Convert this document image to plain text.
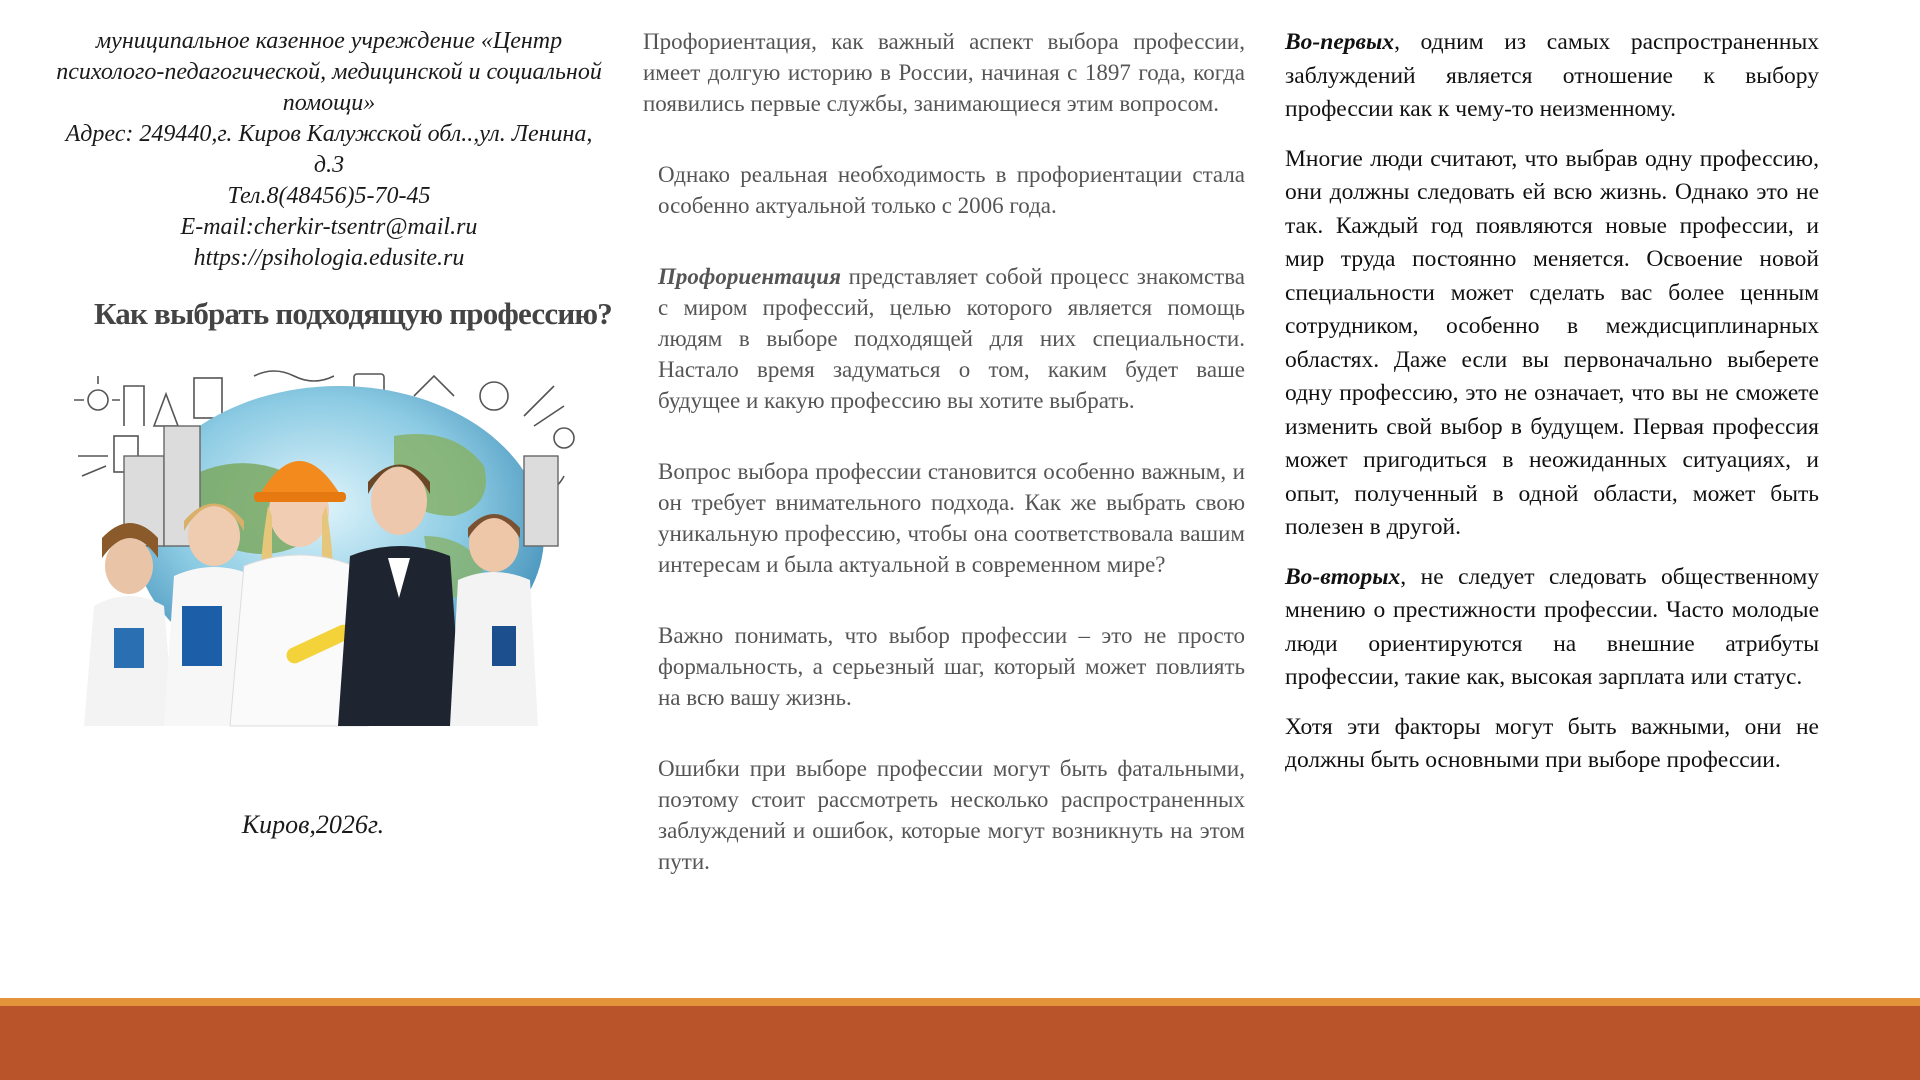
муниципальное казенное учреждение «Центр
психолого-педагогической, медицинской и социальной
помощи»
Адрес: 249440,г. Киров Калужской обл..,ул. Ленина,
д.3
Тел.8(48456)5-70-45
E-mail:cherkir-tsentr@mail.ru
https://psihologia.edusite.ru
Как выбрать подходящую профессию?
Киров,2026г.

Профориентация, как важный аспект выбора профессии, имеет долгую историю в России, начиная с 1897 года, когда появились первые службы, занимающиеся этим вопросом.

Однако реальная необходимость в профориентации стала особенно актуальной только с 2006 года.

Профориентация представляет собой процесс знакомства с миром профессий, целью которого является помощь людям в выборе подходящей для них специальности. Настало время задуматься о том, каким будет ваше будущее и какую профессию вы хотите выбрать.

Вопрос выбора профессии становится особенно важным, и он требует внимательного подхода. Как же выбрать свою уникальную профессию, чтобы она соответствовала вашим интересам и была актуальной в современном мире?

Важно понимать, что выбор профессии – это не просто формальность, а серьезный шаг, который может повлиять на всю вашу жизнь.

Ошибки при выборе профессии могут быть фатальными, поэтому стоит рассмотреть несколько распространенных заблуждений и ошибок, которые могут возникнуть на этом пути.

Во-первых, одним из самых распространенных заблуждений является отношение к выбору профессии как к чему-то неизменному.

Многие люди считают, что выбрав одну профессию, они должны следовать ей всю жизнь. Однако это не так. Каждый год появляются новые профессии, и мир труда постоянно меняется. Освоение новой специальности может сделать вас более ценным сотрудником, особенно в междисциплинарных областях. Даже если вы первоначально выберете одну профессию, это не означает, что вы не сможете изменить свой выбор в будущем. Первая профессия может пригодиться в неожиданных ситуациях, и опыт, полученный в одной области, может быть полезен в другой.

Во-вторых, не следует следовать общественному мнению о престижности профессии. Часто молодые люди ориентируются на внешние атрибуты профессии, такие как, высокая зарплата или статус.

Хотя эти факторы могут быть важными, они не должны быть основными при выборе профессии.
